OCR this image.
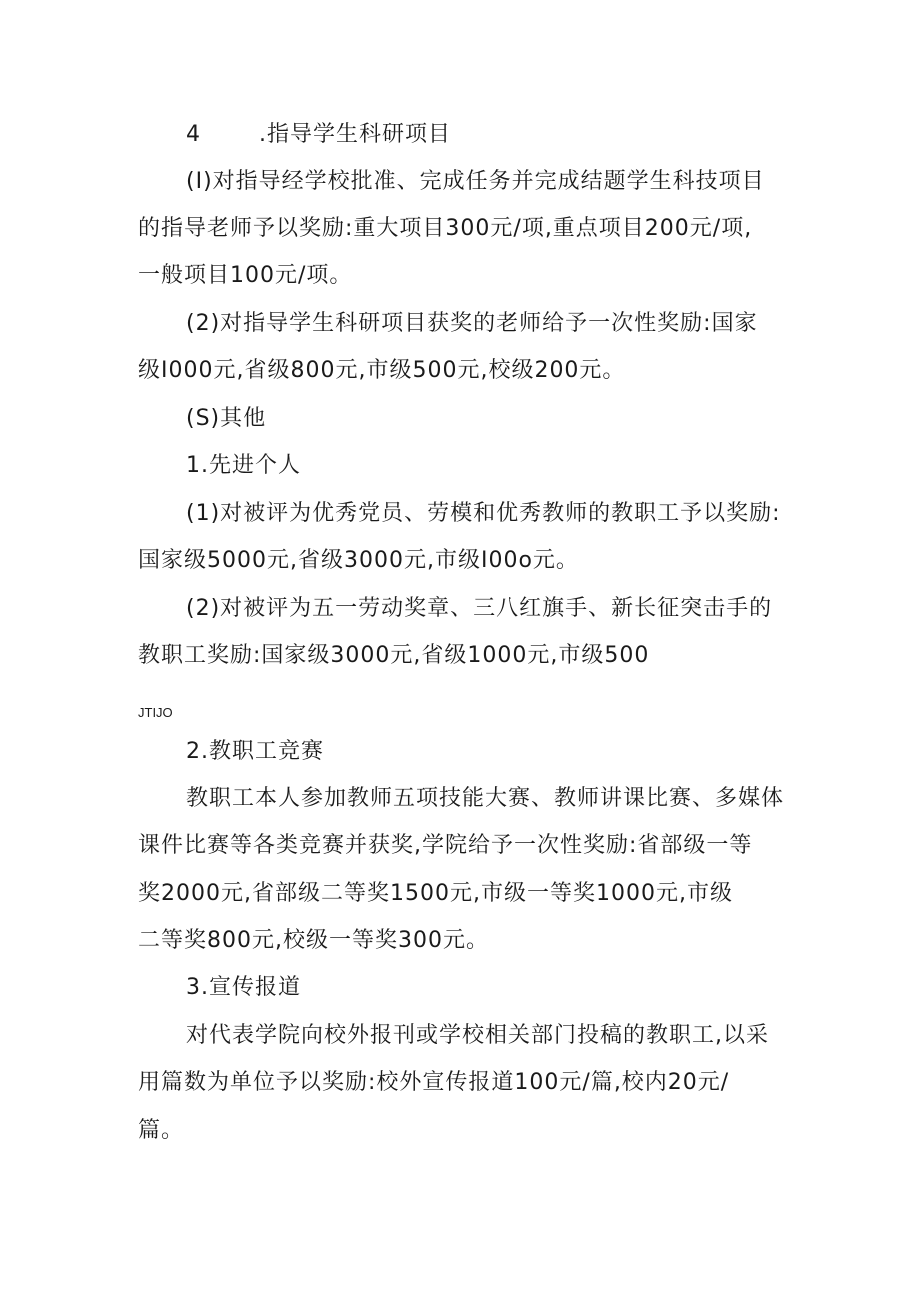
4	.指导学生科研项目
(I)对指导经学校批准、完成任务并完成结题学生科技项目
的指导老师予以奖励:重大项目300元/项,重点项目200元/项,
一般项目100元/项。
(2)对指导学生科研项目获奖的老师给予一次性奖励:国家
级I000元,省级800元,市级500元,校级200元。
(S)其他
1.先进个人
(1)对被评为优秀党员、劳模和优秀教师的教职工予以奖励:
国家级5000元,省级3000元,市级I00o元。
(2)对被评为五一劳动奖章、三八红旗手、新长征突击手的
教职工奖励:国家级3000元,省级1000元,市级500
JTIJO
2.教职工竞赛
教职工本人参加教师五项技能大赛、教师讲课比赛、多媒体
课件比赛等各类竞赛并获奖,学院给予一次性奖励:省部级一等
奖2000元,省部级二等奖1500元,市级一等奖1000元,市级
二等奖800元,校级一等奖300元。
3.宣传报道
对代表学院向校外报刊或学校相关部门投稿的教职工,以采
用篇数为单位予以奖励:校外宣传报道100元/篇,校内20元/
篇。
